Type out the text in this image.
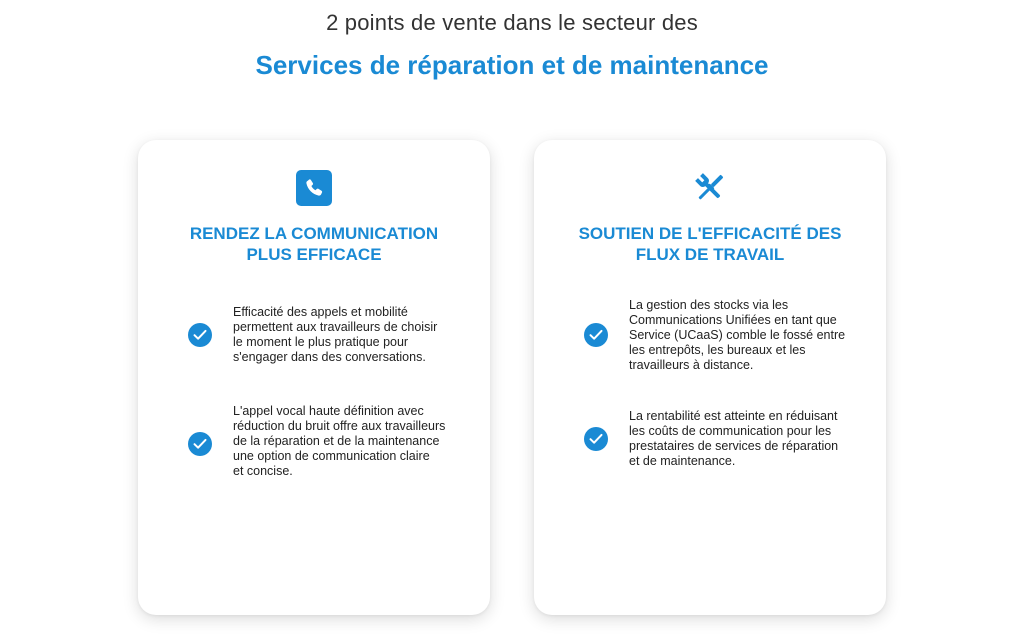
2 points de vente dans le secteur des
Services de réparation et de maintenance
RENDEZ LA COMMUNICATION
PLUS EFFICACE
Efficacité des appels et mobilité
permettent aux travailleurs de choisir
le moment le plus pratique pour
s'engager dans des conversations.
L'appel vocal haute définition avec
réduction du bruit offre aux travailleurs
de la réparation et de la maintenance
une option de communication claire
et concise.
SOUTIEN DE L'EFFICACITÉ DES
FLUX DE TRAVAIL
La gestion des stocks via les
Communications Unifiées en tant que
Service (UCaaS) comble le fossé entre
les entrepôts, les bureaux et les
travailleurs à distance.
La rentabilité est atteinte en réduisant
les coûts de communication pour les
prestataires de services de réparation
et de maintenance.
